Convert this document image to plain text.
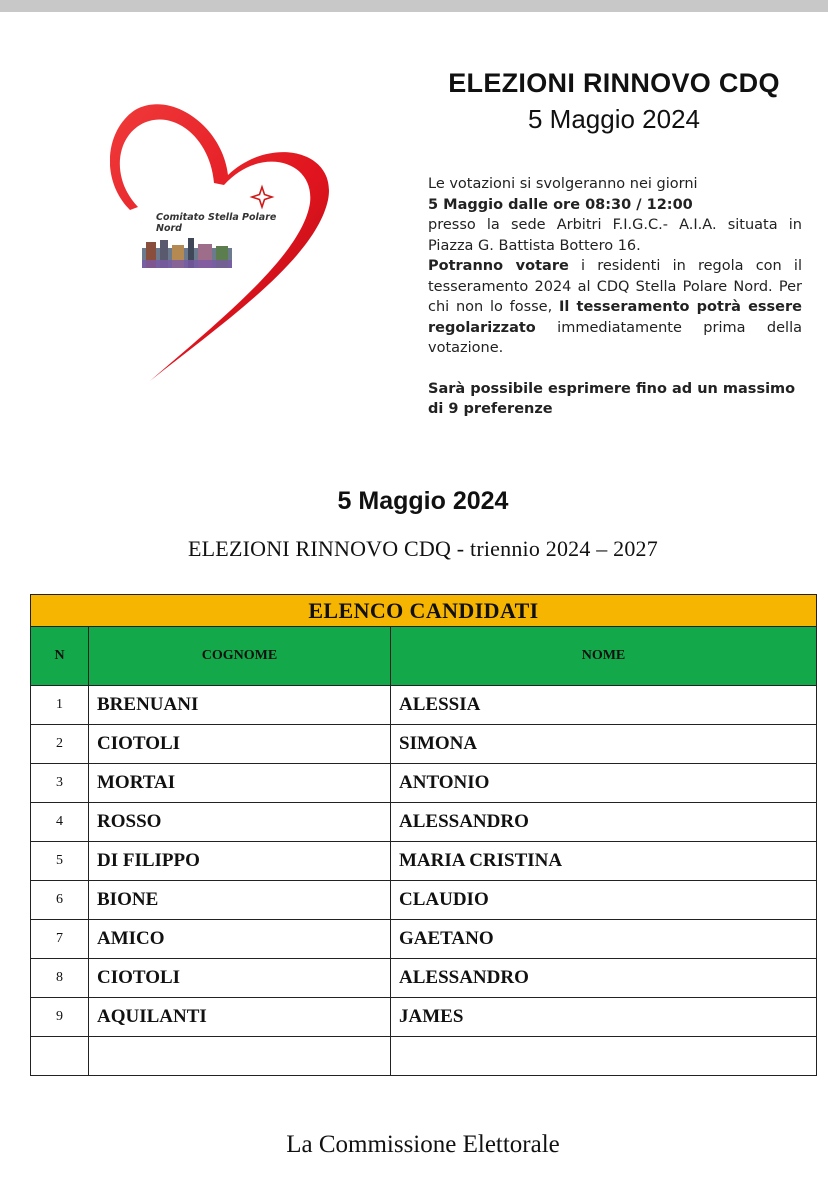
Comitato Stella Polare
Nord
ELEZIONI RINNOVO CDQ
5 Maggio 2024

Le votazioni si svolgeranno nei giorni

5 Maggio dalle ore 08:30 / 12:00

presso la sede Arbitri F.I.G.C.- A.I.A. situata in Piazza G. Battista Bottero 16.

Potranno votare i residenti in regola con il tesseramento 2024 al CDQ Stella Polare Nord. Per chi non lo fosse, Il tesseramento potrà essere regolarizzato immediatamente prima della votazione.

Sarà possibile esprimere fino ad un massimo di 9 preferenze

5 Maggio 2024
ELEZIONI RINNOVO CDQ - triennio 2024 – 2027
ELENCO CANDIDATI		
N	COGNOME	NOME
1	BRENUANI	ALESSIA
2	CIOTOLI	SIMONA
3	MORTAI	ANTONIO
4	ROSSO	ALESSANDRO
5	DI FILIPPO	MARIA CRISTINA
6	BIONE	CLAUDIO
7	AMICO	GAETANO
8	CIOTOLI	ALESSANDRO
9	AQUILANTI	JAMES

La Commissione Elettorale
